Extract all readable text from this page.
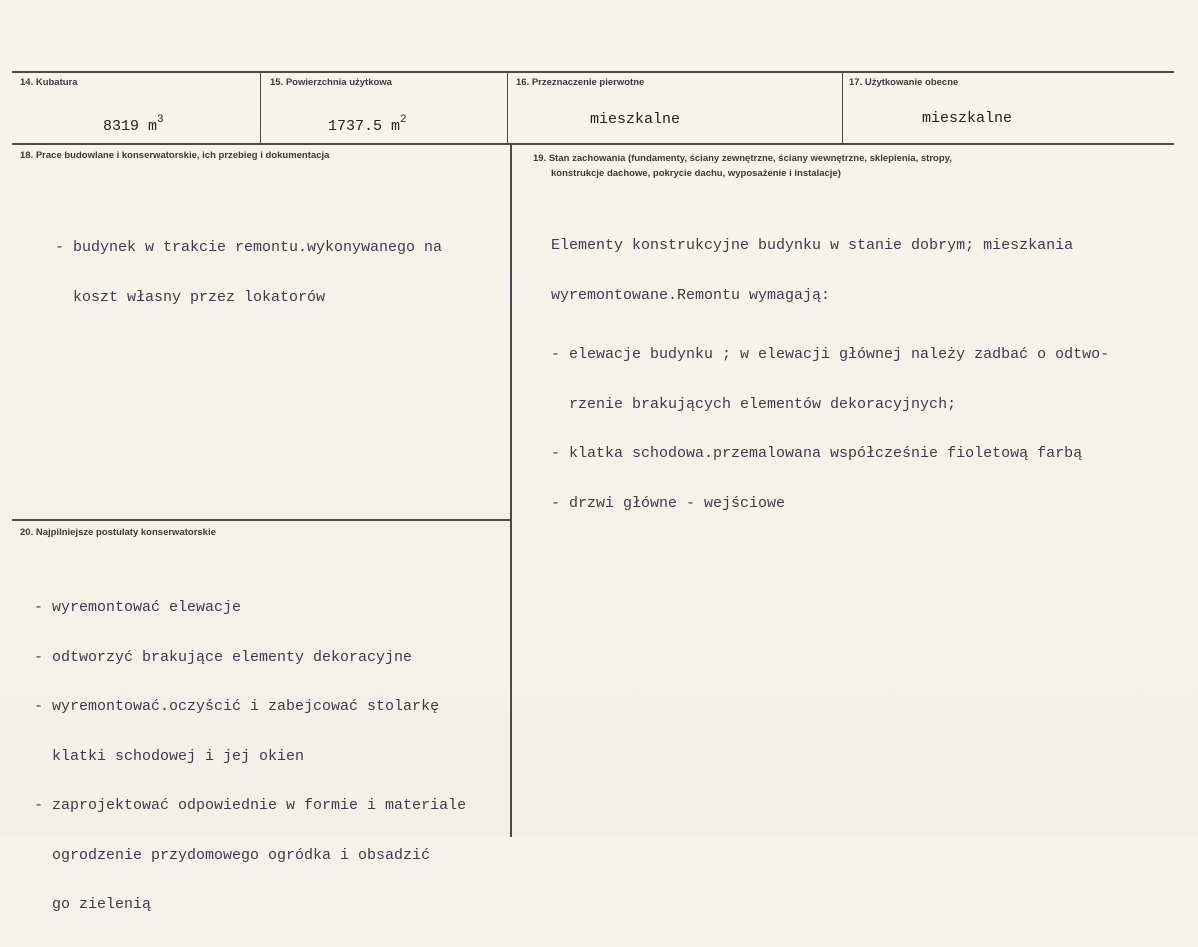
14. Kubatura
8319 $m^3$
15. Powierzchnia użytkowa
1737.5 $m^2$
16. Przeznaczenie pierwotne
mieszkalne
17. Użytkowanie obecne
mieszkalne
18. Prace budowlane i konserwatorskie, ich przebieg i dokumentacja

- budynek w trakcie remontu.wykonywanego na

koszt własny przez lokatorów

19. Stan zachowania (fundamenty, ściany zewnętrzne, ściany wewnętrzne, sklepienia, stropy,
konstrukcje dachowe, pokrycie dachu, wyposażenie i instalacje)

Elementy konstrukcyjne budynku w stanie dobrym; mieszkania

wyremontowane.Remontu wymagają:

- elewacje budynku ; w elewacji głównej należy zadbać o odtwo-

rzenie brakujących elementów dekoracyjnych;

- klatka schodowa.przemalowana współcześnie fioletową farbą

- drzwi główne - wejściowe

20. Najpilniejsze postulaty konserwatorskie

- wyremontować elewacje

- odtworzyć brakujące elementy dekoracyjne

- wyremontować.oczyścić i zabejcować stolarkę

klatki schodowej i jej okien

- zaprojektować odpowiednie w formie i materiale

ogrodzenie przydomowego ogródka i obsadzić

go zielenią
